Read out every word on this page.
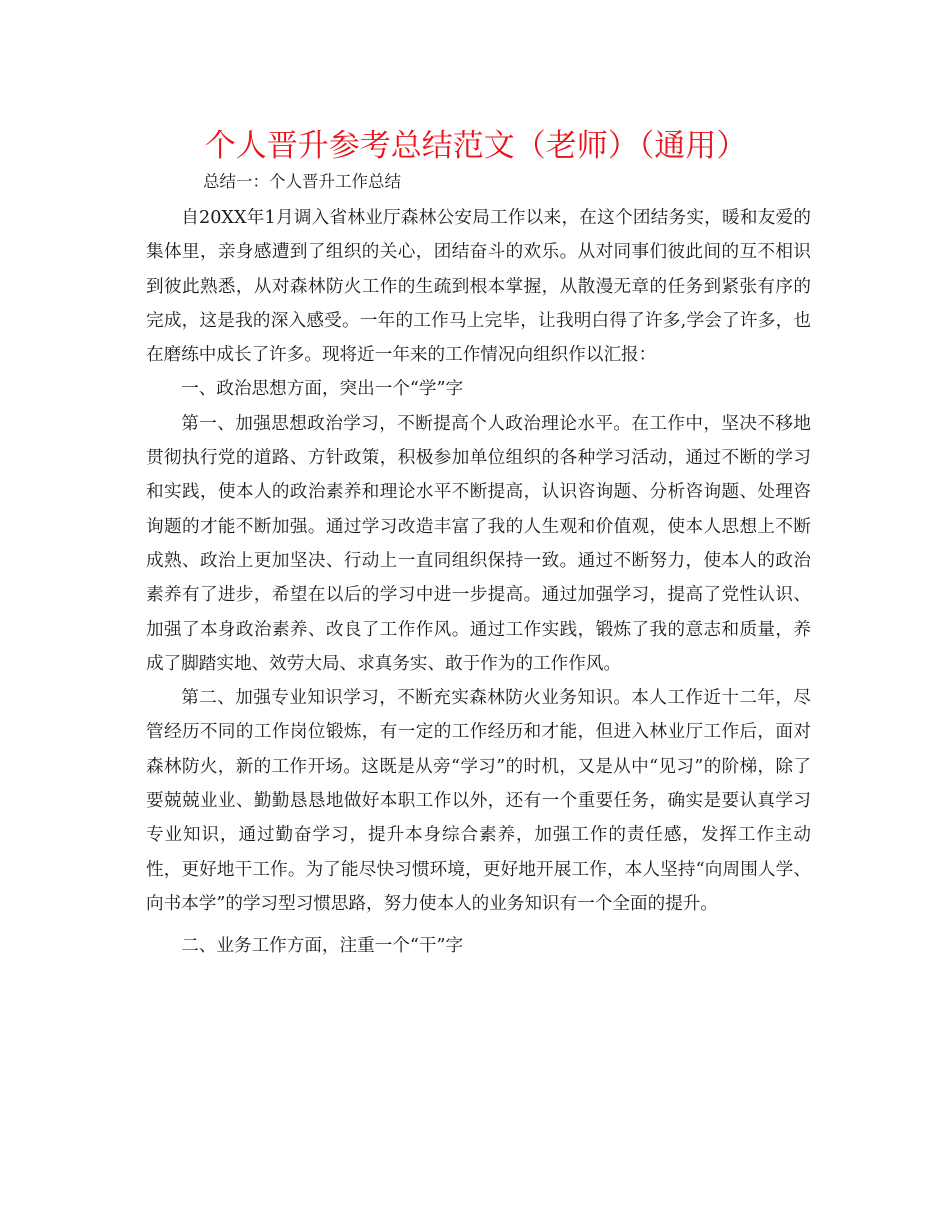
个人晋升参考总结范文（老师）（通用）
总结一：个人晋升工作总结

自20XX年1月调入省林业厅森林公安局工作以来，在这个团结务实，暖和友爱的集体里，亲身感遭到了组织的关心，团结奋斗的欢乐。从对同事们彼此间的互不相识到彼此熟悉，从对森林防火工作的生疏到根本掌握，从散漫无章的任务到紧张有序的完成，这是我的深入感受。一年的工作马上完毕，让我明白得了许多,学会了许多，也在磨练中成长了许多。现将近一年来的工作情况向组织作以汇报：

一、政治思想方面，突出一个“学”字

第一、加强思想政治学习，不断提高个人政治理论水平。在工作中，坚决不移地贯彻执行党的道路、方针政策，积极参加单位组织的各种学习活动，通过不断的学习和实践，使本人的政治素养和理论水平不断提高，认识咨询题、分析咨询题、处理咨询题的才能不断加强。通过学习改造丰富了我的人生观和价值观，使本人思想上不断成熟、政治上更加坚决、行动上一直同组织保持一致。通过不断努力，使本人的政治素养有了进步，希望在以后的学习中进一步提高。通过加强学习，提高了党性认识、加强了本身政治素养、改良了工作作风。通过工作实践，锻炼了我的意志和质量，养成了脚踏实地、效劳大局、求真务实、敢于作为的工作作风。

第二、加强专业知识学习，不断充实森林防火业务知识。本人工作近十二年，尽管经历不同的工作岗位锻炼，有一定的工作经历和才能，但进入林业厅工作后，面对森林防火，新的工作开场。这既是从旁“学习”的时机，又是从中“见习”的阶梯，除了要兢兢业业、勤勤恳恳地做好本职工作以外，还有一个重要任务，确实是要认真学习专业知识，通过勤奋学习，提升本身综合素养，加强工作的责任感，发挥工作主动性，更好地干工作。为了能尽快习惯环境，更好地开展工作，本人坚持“向周围人学、向书本学”的学习型习惯思路，努力使本人的业务知识有一个全面的提升。

二、业务工作方面，注重一个“干”字
